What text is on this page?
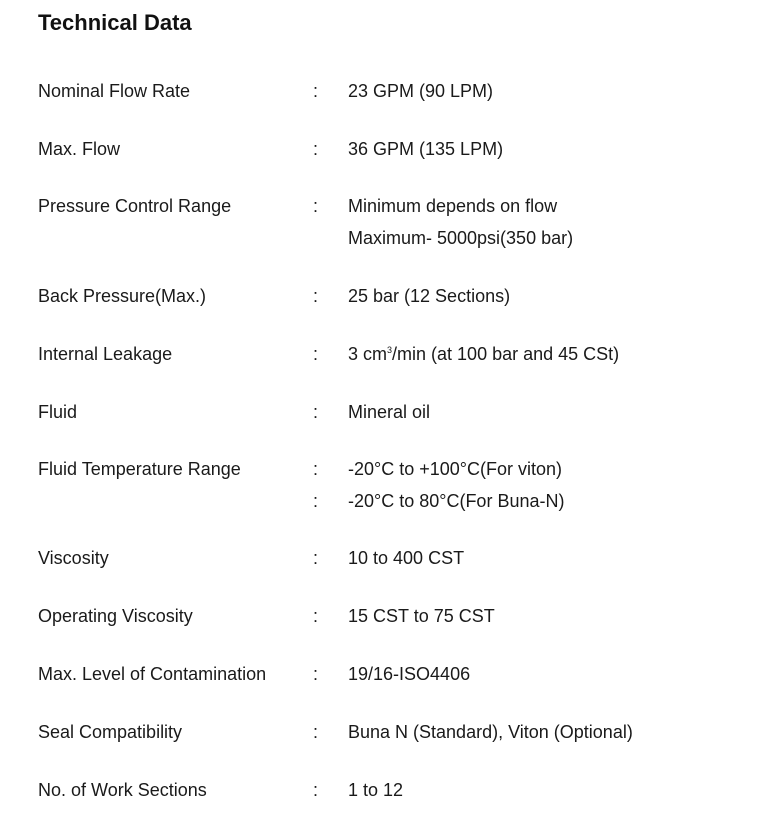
Technical Data
Nominal Flow Rate	: 23 GPM (90 LPM)
Max. Flow	: 36 GPM (135 LPM)
Pressure Control Range	: Minimum depends on flow
Maximum- 5000psi(350 bar)
Back Pressure(Max.)	: 25 bar (12 Sections)
Internal Leakage	: 3 $cm^3/\min$ (at 100 bar and 45 CSt)
Fluid	: Mineral oil
Fluid Temperature Range	: -20°C to +100°C(For viton)
: -20°C to 80°C(For Buna-N)
Viscosity	: 10 to 400 CST
Operating Viscosity	: 15 CST to 75 CST
Max. Level of Contamination	: 19/16-ISO4406
Seal Compatibility	: Buna N (Standard), Viton (Optional)
No. of Work Sections	: 1 to 12
